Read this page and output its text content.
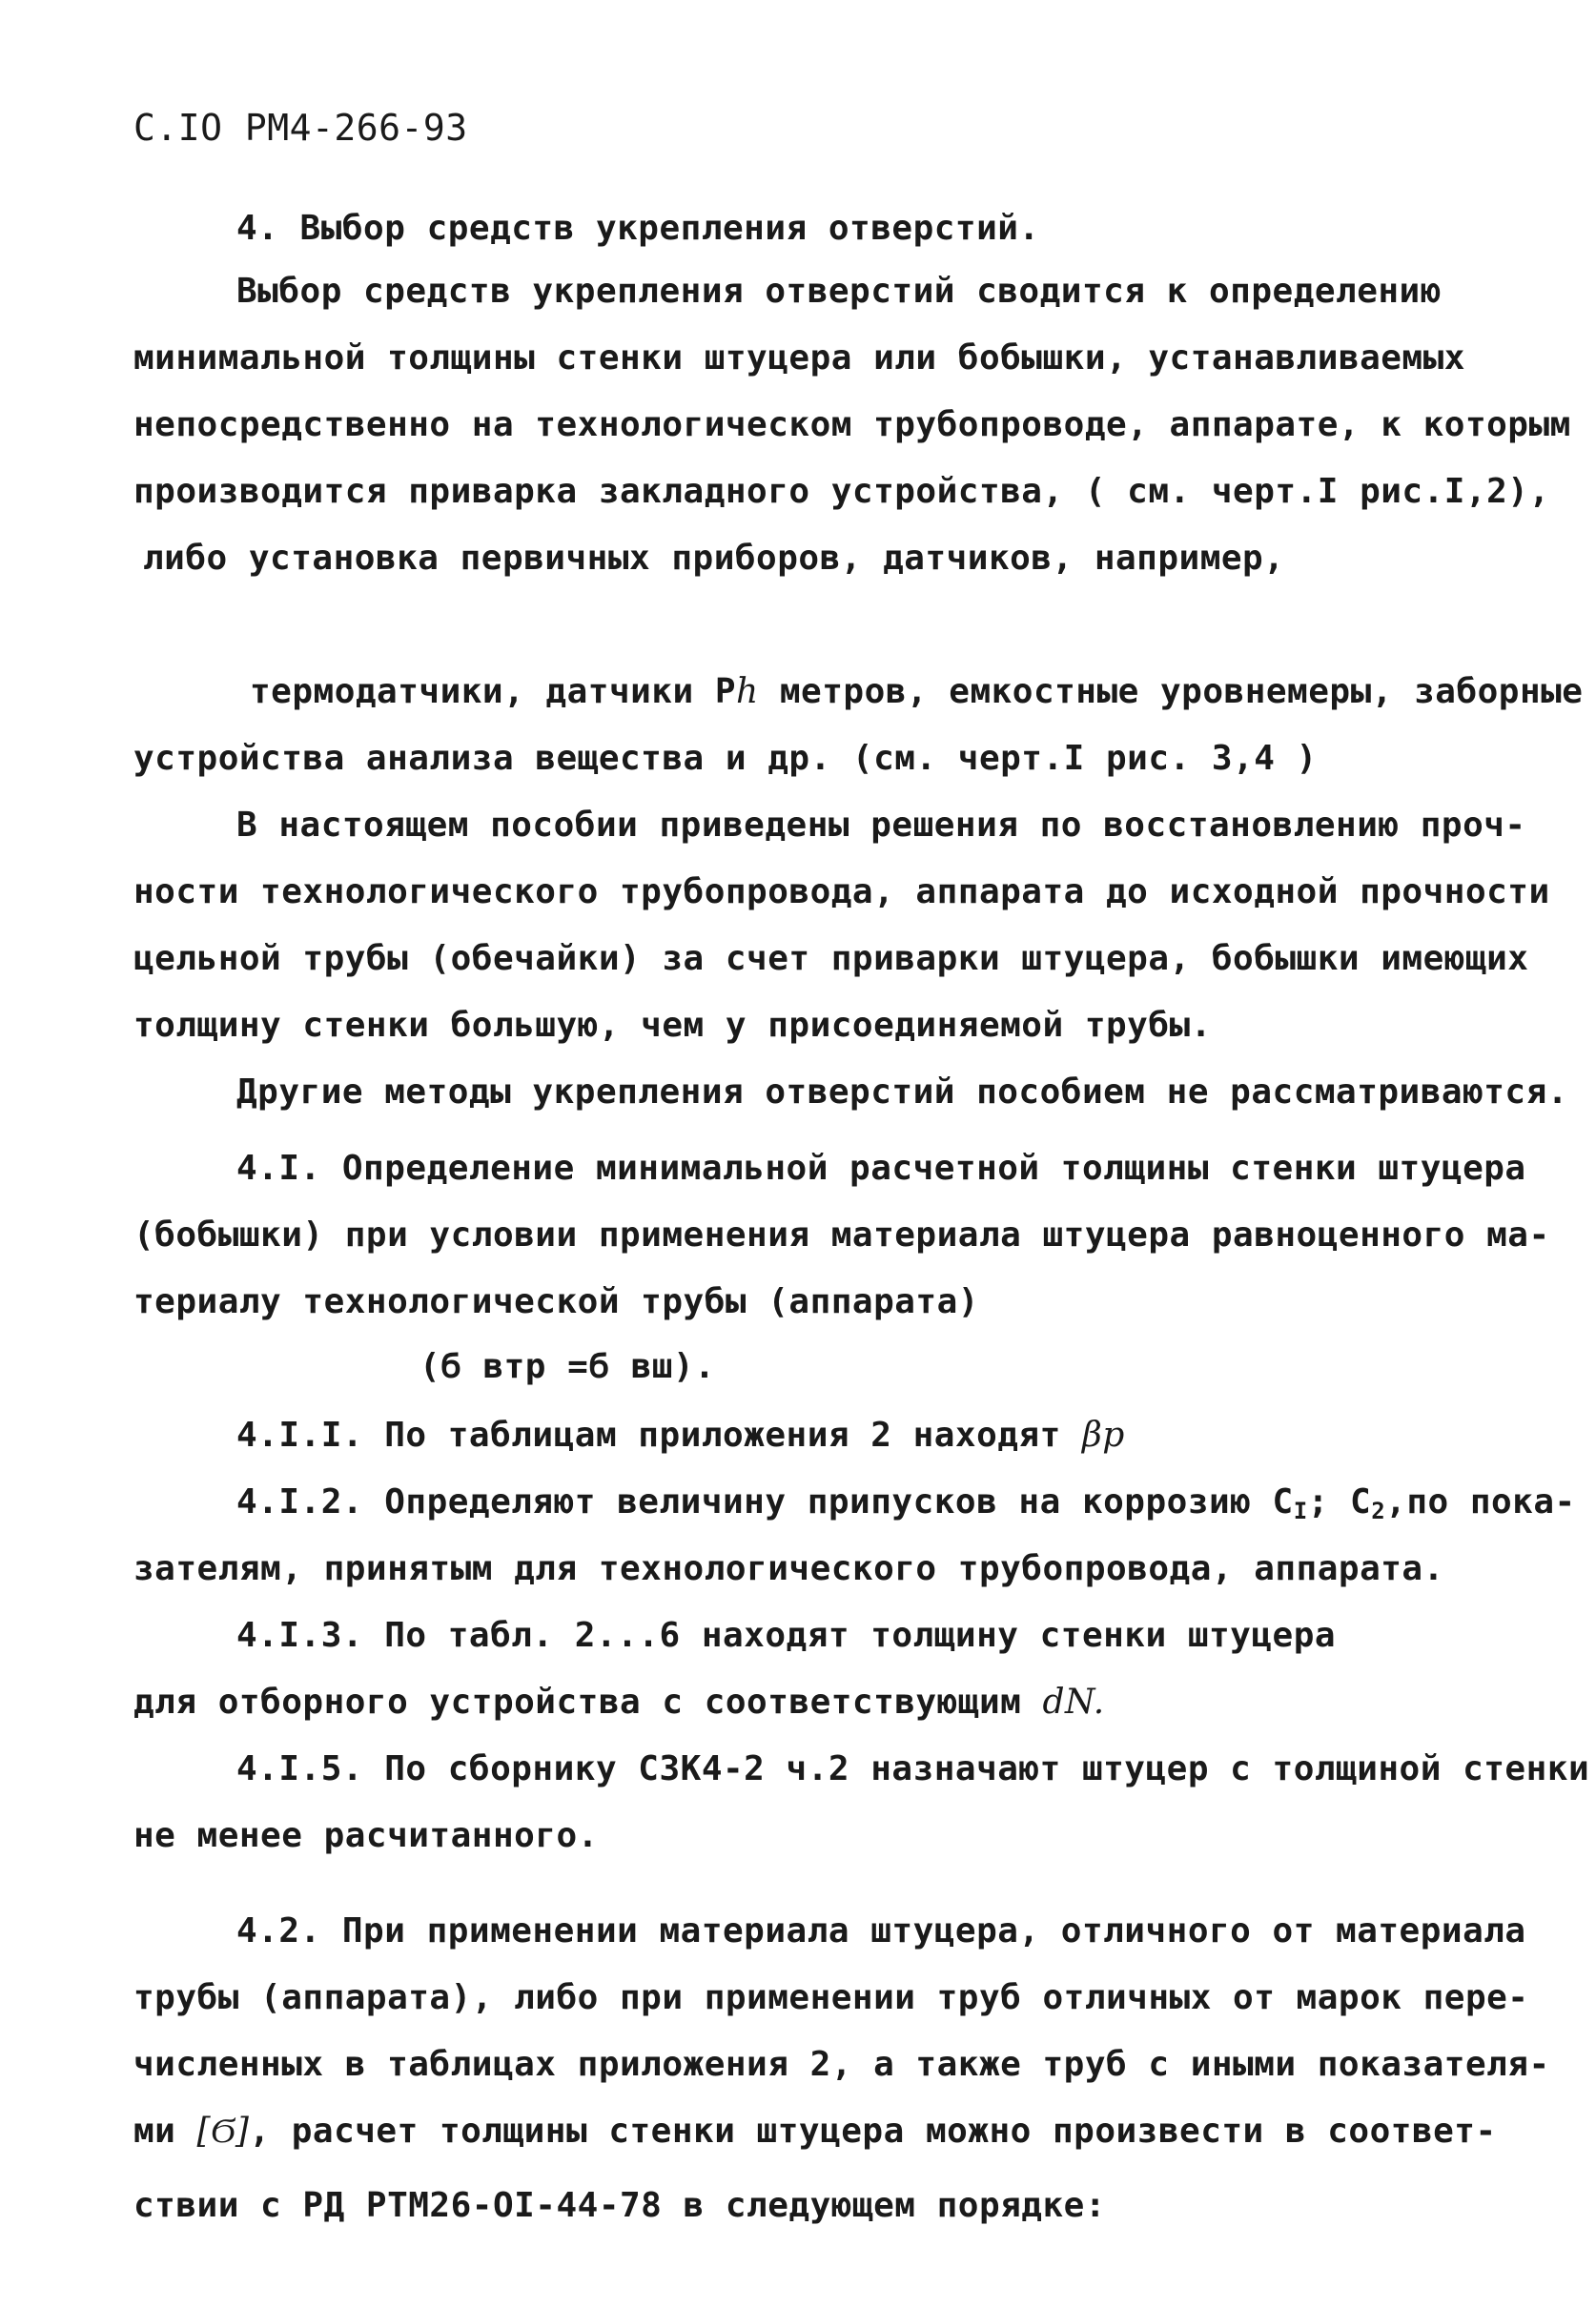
С.IO РМ4-266-93
4. Выбор средств укрепления отверстий.
Выбор средств укрепления отверстий сводится к определению
минимальной толщины стенки штуцера или бобышки, устанавливаемых
непосредственно на технологическом трубопроводе, аппарате, к которым
производится приварка закладного устройства, ( см. черт.I рис.I,2),
либо установка первичных приборов, датчиков, например,
термодатчики, датчики Рh метров, емкостные уровнемеры, заборные
устройства анализа вещества и др. (см. черт.I рис. 3,4 )
В настоящем пособии приведены решения по восстановлению проч-
ности технологического трубопровода, аппарата до исходной прочности
цельной трубы (обечайки) за счет приварки штуцера, бобышки имеющих
толщину стенки большую, чем у присоединяемой трубы.
Другие методы укрепления отверстий пособием не рассматриваются.
4.I. Определение минимальной расчетной толщины стенки штуцера
(бобышки) при условии применения материала штуцера равноценного ма-
териалу технологической трубы (аппарата)
(Ϭ втр =Ϭ вш).
4.I.I. По таблицам приложения 2 находят βp
4.I.2. Определяют величину припусков на коррозию $С_I$; $С_2,по$ пока-
зателям, принятым для технологического трубопровода, аппарата.
4.I.3. По табл. 2...6 находят толщину стенки штуцера
для отборного устройства с соответствующим dN.
4.I.5. По сборнику СЗК4-2 ч.2 назначают штуцер с толщиной стенки
не менее расчитанного.
4.2. При применении материала штуцера, отличного от материала
трубы (аппарата), либо при применении труб отличных от марок пере-
численных в таблицах приложения 2, а также труб с иными показателя-
ми [Ϭ], расчет толщины стенки штуцера можно произвести в соответ-
ствии с РД РТМ26-OI-44-78 в следующем порядке:
